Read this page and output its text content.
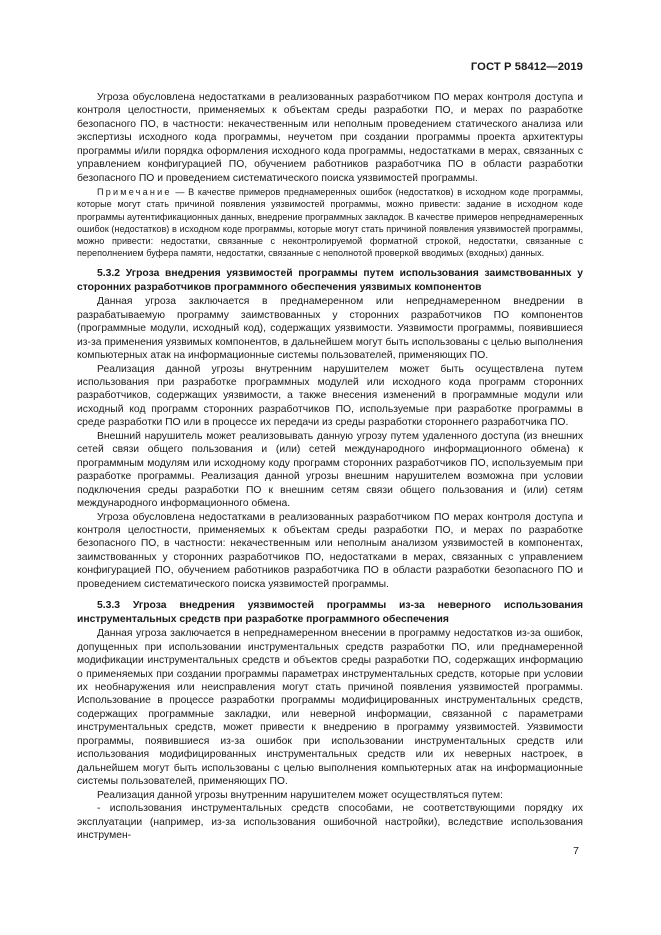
ГОСТ Р 58412—2019

Угроза обусловлена недостатками в реализованных разработчиком ПО мерах контроля доступа и контроля целостности, применяемых к объектам среды разработки ПО, и мерах по разработке безопасного ПО, в частности: некачественным или неполным проведением статического анализа или экспертизы исходного кода программы, неучетом при создании программы проекта архитектуры программы и/или порядка оформления исходного кода программы, недостатками в мерах, связанных с управлением конфигурацией ПО, обучением работников разработчика ПО в области разработки безопасного ПО и проведением систематического поиска уязвимостей программы.

Примечание — В качестве примеров преднамеренных ошибок (недостатков) в исходном коде программы, которые могут стать причиной появления уязвимостей программы, можно привести: задание в исходном коде программы аутентификационных данных, внедрение программных закладок. В качестве примеров непреднамеренных ошибок (недостатков) в исходном коде программы, которые могут стать причиной появления уязвимостей программы, можно привести: недостатки, связанные с неконтролируемой форматной строкой, недостатки, связанные с переполнением буфера памяти, недостатки, связанные с неполнотой проверкой вводимых (входных) данных.

5.3.2 Угроза внедрения уязвимостей программы путем использования заимствованных у сторонних разработчиков программного обеспечения уязвимых компонентов

Данная угроза заключается в преднамеренном или непреднамеренном внедрении в разрабатываемую программу заимствованных у сторонних разработчиков ПО компонентов (программные модули, исходный код), содержащих уязвимости. Уязвимости программы, появившиеся из-за применения уязвимых компонентов, в дальнейшем могут быть использованы с целью выполнения компьютерных атак на информационные системы пользователей, применяющих ПО.

Реализация данной угрозы внутренним нарушителем может быть осуществлена путем использования при разработке программных модулей или исходного кода программ сторонних разработчиков, содержащих уязвимости, а также внесения изменений в программные модули или исходный код программ сторонних разработчиков ПО, используемые при разработке программы в среде разработки ПО или в процессе их передачи из среды разработки стороннего разработчика ПО.

Внешний нарушитель может реализовывать данную угрозу путем удаленного доступа (из внешних сетей связи общего пользования и (или) сетей международного информационного обмена) к программным модулям или исходному коду программ сторонних разработчиков ПО, используемым при разработке программы. Реализация данной угрозы внешним нарушителем возможна при условии подключения среды разработки ПО к внешним сетям связи общего пользования и (или) сетям международного информационного обмена.

Угроза обусловлена недостатками в реализованных разработчиком ПО мерах контроля доступа и контроля целостности, применяемых к объектам среды разработки ПО, и мерах по разработке безопасного ПО, в частности: некачественным или неполным анализом уязвимостей в компонентах, заимствованных у сторонних разработчиков ПО, недостатками в мерах, связанных с управлением конфигурацией ПО, обучением работников разработчика ПО в области разработки безопасного ПО и проведением систематического поиска уязвимостей программы.

5.3.3 Угроза внедрения уязвимостей программы из-за неверного использования инструментальных средств при разработке программного обеспечения

Данная угроза заключается в непреднамеренном внесении в программу недостатков из-за ошибок, допущенных при использовании инструментальных средств разработки ПО, или преднамеренной модификации инструментальных средств и объектов среды разработки ПО, содержащих информацию о применяемых при создании программы параметрах инструментальных средств, которые при условии их необнаружения или неисправления могут стать причиной появления уязвимостей программы. Использование в процессе разработки программы модифицированных инструментальных средств, содержащих программные закладки, или неверной информации, связанной с параметрами инструментальных средств, может привести к внедрению в программу уязвимостей. Уязвимости программы, появившиеся из-за ошибок при использовании инструментальных средств или использования модифицированных инструментальных средств или их неверных настроек, в дальнейшем могут быть использованы с целью выполнения компьютерных атак на информационные системы пользователей, применяющих ПО.

Реализация данной угрозы внутренним нарушителем может осуществляться путем:

- использования инструментальных средств способами, не соответствующими порядку их эксплуатации (например, из-за использования ошибочной настройки), вследствие использования инструмен-

7
